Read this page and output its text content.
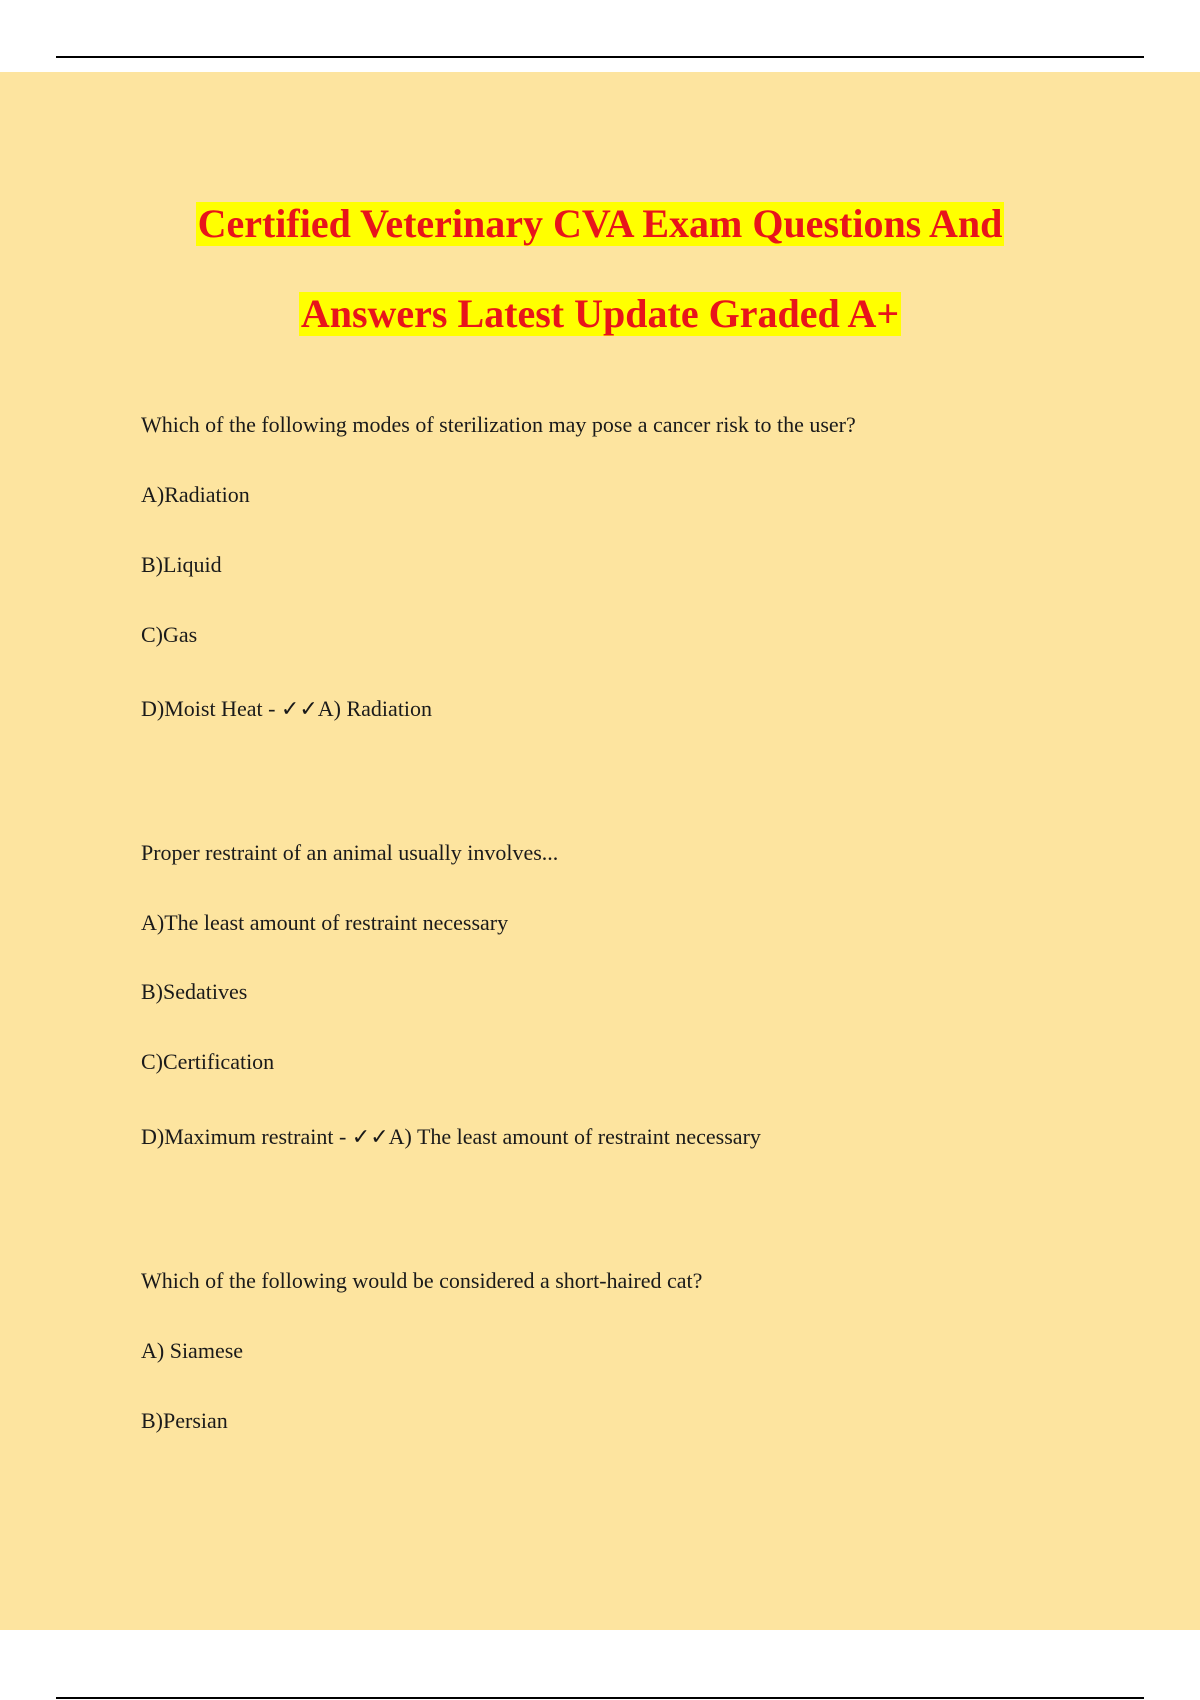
Certified Veterinary CVA Exam Questions And
Answers Latest Update Graded A+
Which of the following modes of sterilization may pose a cancer risk to the user?
A)Radiation
B)Liquid
C)Gas
D)Moist Heat - ✓✓A) Radiation
Proper restraint of an animal usually involves...
A)The least amount of restraint necessary
B)Sedatives
C)Certification
D)Maximum restraint - ✓✓A) The least amount of restraint necessary
Which of the following would be considered a short-haired cat?
A) Siamese
B)Persian
